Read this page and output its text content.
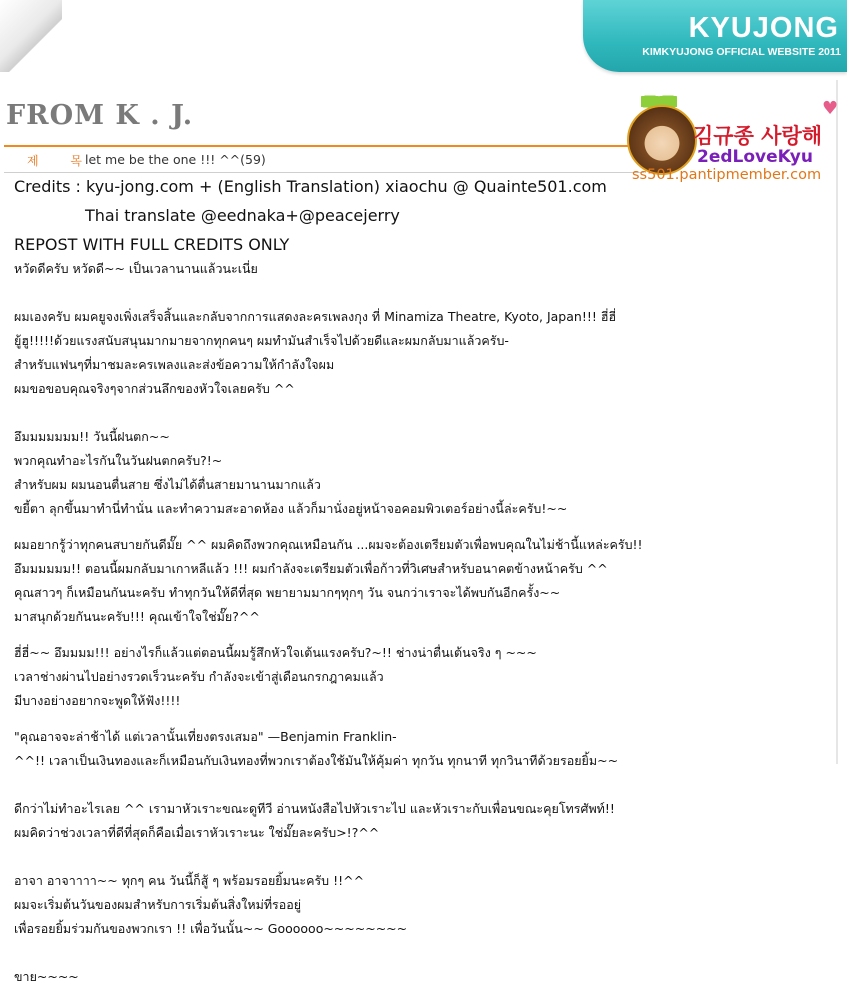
KYUJONG
KIMKYUJONG OFFICIAL WEBSITE 2011
FROM K . J.
제 목
let me be the one !!! ^^(59)
김규종 사랑해
♥
2edLoveKyu
ss501.pantipmember.com
Credits : kyu-jong.com + (English Translation) xiaochu @ Quainte501.com
Thai translate @eednaka+@peacejerry
REPOST WITH FULL CREDITS ONLY
หวัดดีครับ หวัดดี~~ เป็นเวลานานแล้วนะเนี่ย
ผมเองครับ ผมคยูจงเพิ่งเสร็จสิ้นและกลับจากการแสดงละครเพลงกุง ที่ Minamiza Theatre, Kyoto, Japan!!! ฮี่ฮี่
ยู้ฮู!!!!!ด้วยแรงสนับสนุนมากมายจากทุกคนๆ ผมทำมันสำเร็จไปด้วยดีและผมกลับมาแล้วครับ-
สำหรับแฟนๆที่มาชมละครเพลงและส่งข้อความให้กำลังใจผม
ผมขอขอบคุณจริงๆจากส่วนลึกของหัวใจเลยครับ ^^
อึมมมมมมม!! วันนี้ฝนตก~~
พวกคุณทำอะไรกันในวันฝนตกครับ?!~
สำหรับผม ผมนอนตื่นสาย ซึ่งไม่ได้ตื่นสายมานานมากแล้ว
ขยี้ตา ลุกขึ้นมาทำนี่ทำนั่น และทำความสะอาดห้อง แล้วก็มานั่งอยู่หน้าจอคอมพิวเตอร์อย่างนี้ล่ะครับ!~~
ผมอยากรู้ว่าทุกคนสบายกันดีมั๊ย ^^ ผมคิดถึงพวกคุณเหมือนกัน ...ผมจะต้องเตรียมตัวเพื่อพบคุณในไม่ช้านี้แหล่ะครับ!!
อึมมมมมม!! ตอนนี้ผมกลับมาเกาหลีแล้ว !!! ผมกำลังจะเตรียมตัวเพื่อก้าวที่วิเศษสำหรับอนาคตข้างหน้าครับ ^^
คุณสาวๆ ก็เหมือนกันนะครับ ทำทุกวันให้ดีที่สุด พยายามมากๆทุกๆ วัน จนกว่าเราจะได้พบกันอีกครั้ง~~
มาสนุกด้วยกันนะครับ!!! คุณเข้าใจใช่มั๊ย?^^
ฮี่ฮี่~~ อึมมมม!!! อย่างไรก็แล้วแต่ตอนนี้ผมรู้สึกหัวใจเต้นแรงครับ?~!! ช่างน่าตื่นเต้นจริง ๆ ~~~
เวลาช่างผ่านไปอย่างรวดเร็วนะครับ กำลังจะเข้าสู่เดือนกรกฎาคมแล้ว
มีบางอย่างอยากจะพูดให้ฟัง!!!!
"คุณอาจจะล่าช้าได้ แต่เวลานั้นเที่ยงตรงเสมอ" —Benjamin Franklin-
^^!! เวลาเป็นเงินทองและก็เหมือนกับเงินทองที่พวกเราต้องใช้มันให้คุ้มค่า ทุกวัน ทุกนาที ทุกวินาทีด้วยรอยยิ้ม~~
ดีกว่าไม่ทำอะไรเลย ^^ เรามาหัวเราะขณะดูทีวี อ่านหนังสือไปหัวเราะไป และหัวเราะกับเพื่อนขณะคุยโทรศัพท์!!
ผมคิดว่าช่วงเวลาที่ดีที่สุดก็คือเมื่อเราหัวเราะนะ ใช่มั๊ยละครับ>!?^^
อาจา อาจาาาา~~ ทุกๆ คน วันนี้ก็สู้ ๆ พร้อมรอยยิ้มนะครับ !!^^
ผมจะเริ่มต้นวันของผมสำหรับการเริ่มต้นสิ่งใหม่ที่รออยู่
เพื่อรอยยิ้มร่วมกันของพวกเรา !! เพื่อวันนั้น~~ Goooooo~~~~~~~~
ขาย~~~~
